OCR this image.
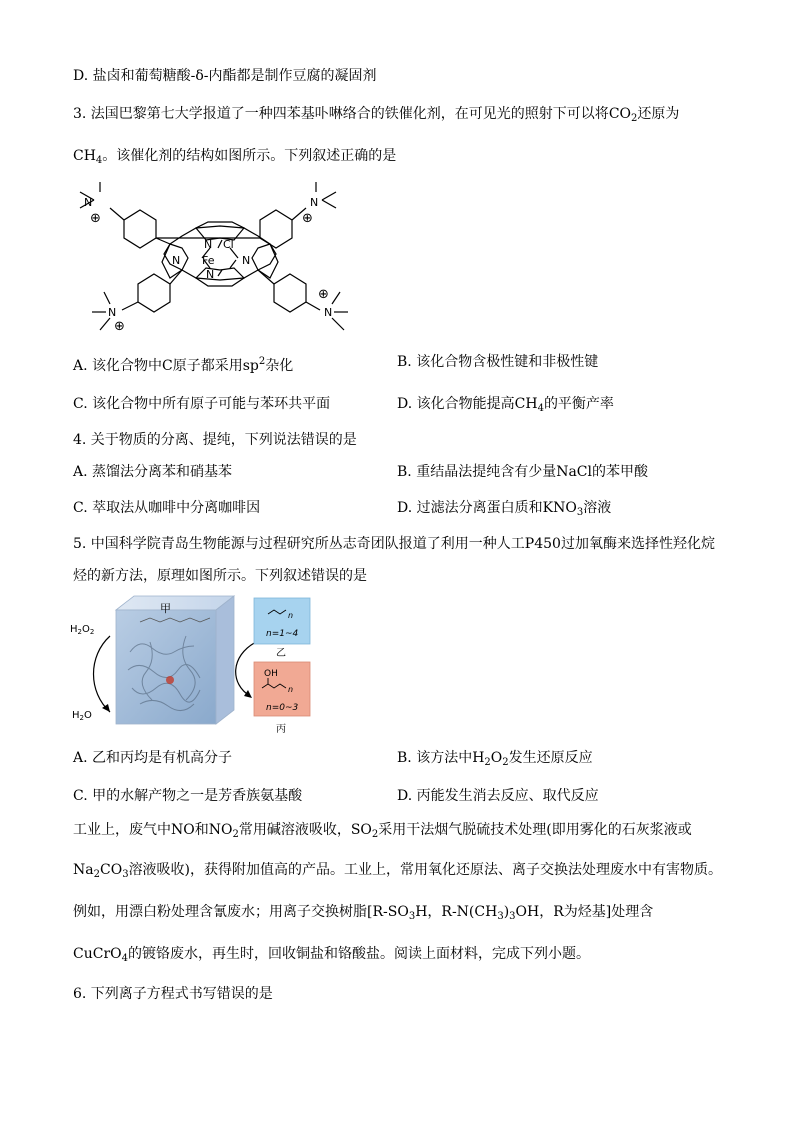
D. 盐卤和葡萄糖酸-δ-内酯都是制作豆腐的凝固剂
3. 法国巴黎第七大学报道了一种四苯基卟啉络合的铁催化剂，在可见光的照射下可以将$CO_2$还原为
$CH_4$。该催化剂的结构如图所示。下列叙述正确的是
N
⊕
N
⊕
N
⊕
N
⊕
N Cl
N Fe	N
N
A. 该化合物中C原子都采用$sp^2$杂化	B. 该化合物含极性键和非极性键
C. 该化合物中所有原子可能与苯环共平面	D. 该化合物能提高$CH_4$的平衡产率
4. 关于物质的分离、提纯，下列说法错误的是
A. 蒸馏法分离苯和硝基苯	B. 重结晶法提纯含有少量NaCl的苯甲酸
C. 萃取法从咖啡中分离咖啡因	D. 过滤法分离蛋白质和$KNO_3$溶液
5. 中国科学院青岛生物能源与过程研究所丛志奇团队报道了利用一种人工P450过加氧酶来选择性羟化烷
烃的新方法，原理如图所示。下列叙述错误的是
甲
$H_2O_2$
$H_2O$
n
n=1~4
乙
OH
n
n=0~3
丙
A. 乙和丙均是有机高分子	B. 该方法中$H_2O_2$发生还原反应
C. 甲的水解产物之一是芳香族氨基酸	D. 丙能发生消去反应、取代反应
工业上，废气中NO和$NO_2$常用碱溶液吸收，$SO_2$采用干法烟气脱硫技术处理(即用雾化的石灰浆液或
$Na_2CO_3$溶液吸收)，获得附加值高的产品。工业上，常用氧化还原法、离子交换法处理废水中有害物质。
例如，用漂白粉处理含氰废水；用离子交换树脂[$R-SO_3H$，$R-N(CH_3)_3OH$，R为烃基]处理含
CuCrO$_4$的镀铬废水，再生时，回收铜盐和铬酸盐。阅读上面材料，完成下列小题。
6. 下列离子方程式书写错误的是
